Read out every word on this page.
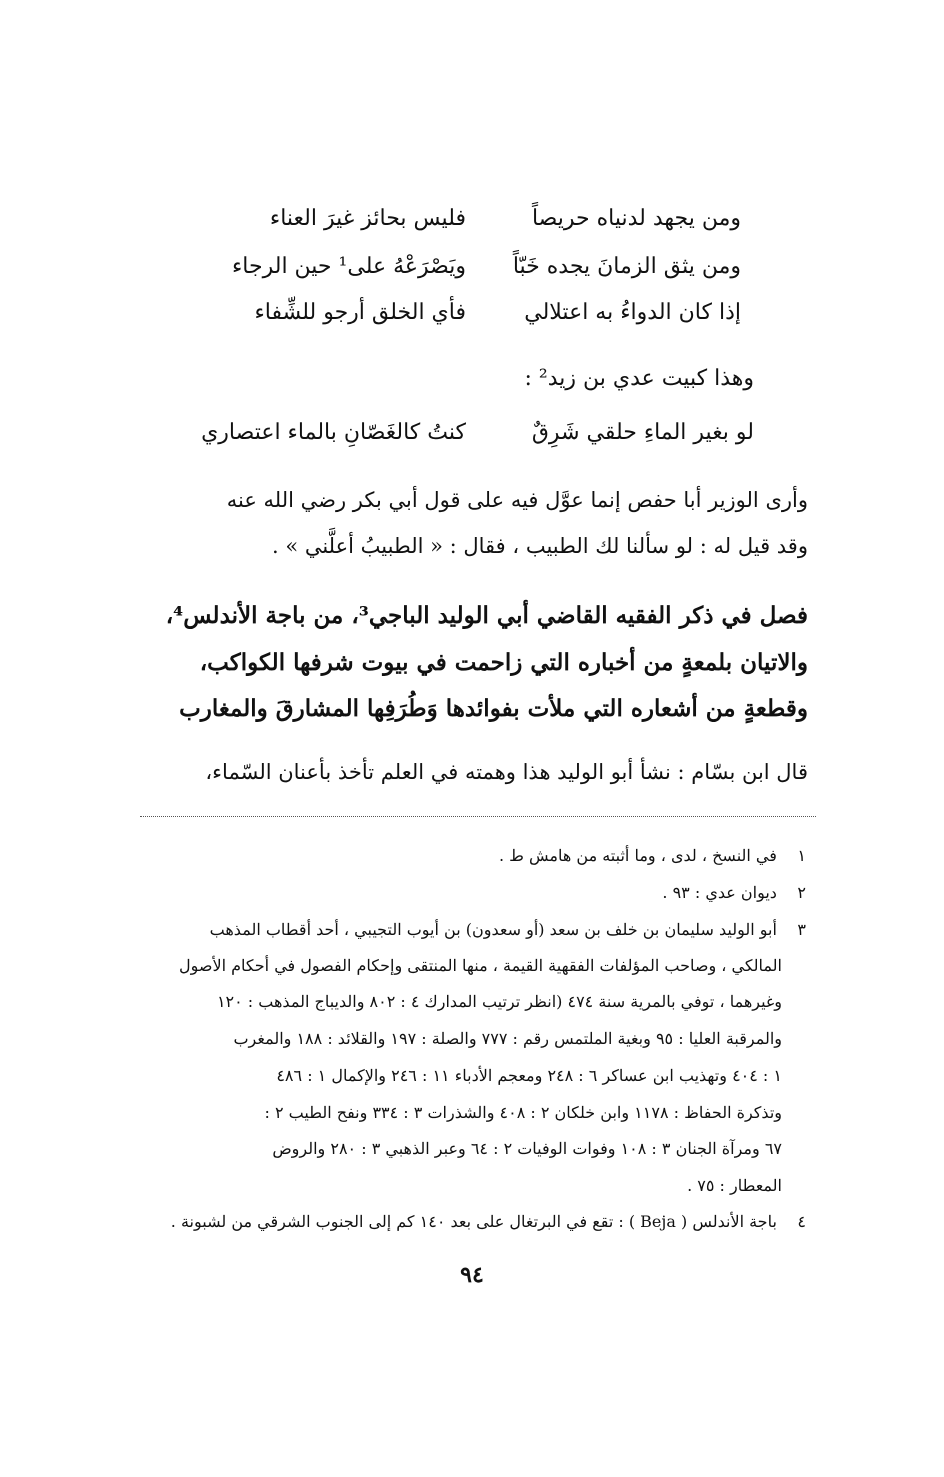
ومن يجهد لدنياه حريصاً
فليس بحائز غيرَ العناء
ومن يثق الزمانَ يجده خَبّاً
ويَصْرَعْهُ على¹ حين الرجاء
إذا كان الدواءُ به اعتلالي
فأي الخلق أرجو للشِّفاء
وهذا كبيت عدي بن زيد² :
لو بغير الماءِ حلقي شَرِقٌ
كنتُ كالغَصّانِ بالماء اعتصاري
وأرى الوزير أبا حفص إنما عوَّل فيه على قول أبي بكر رضي الله عنه
وقد قيل له : لو سألنا لك الطبيب ، فقال : « الطبيبُ أعلَّني » .
فصل في ذكر الفقيه القاضي أبي الوليد الباجي³، من باجة الأندلس⁴،
والاتيان بلمعةٍ من أخباره التي زاحمت في بيوت شرفها الكواكب،
وقطعةٍ من أشعاره التي ملأت بفوائدها وَطُرَفِها المشارقَ والمغارب
قال ابن بسّام : نشأ أبو الوليد هذا وهمته في العلم تأخذ بأعنان السّماء،
١ في النسخ ، لدى ، وما أثبته من هامش ط .
٢ ديوان عدي : ٩٣ .
٣ أبو الوليد سليمان بن خلف بن سعد (أو سعدون) بن أيوب التجيبي ، أحد أقطاب المذهب
المالكي ، وصاحب المؤلفات الفقهية القيمة ، منها المنتقى وإحكام الفصول في أحكام الأصول
وغيرهما ، توفي بالمرية سنة ٤٧٤ (انظر ترتيب المدارك ٤ : ٨٠٢ والديباج المذهب : ١٢٠
والمرقبة العليا : ٩٥ وبغية الملتمس رقم : ٧٧٧ والصلة : ١٩٧ والقلائد : ١٨٨ والمغرب
١ : ٤٠٤ وتهذيب ابن عساكر ٦ : ٢٤٨ ومعجم الأدباء ١١ : ٢٤٦ والإكمال ١ : ٤٨٦
وتذكرة الحفاظ : ١١٧٨ وابن خلكان ٢ : ٤٠٨ والشذرات ٣ : ٣٣٤ ونفح الطيب ٢ :
٦٧ ومرآة الجنان ٣ : ١٠٨ وفوات الوفيات ٢ : ٦٤ وعبر الذهبي ٣ : ٢٨٠ والروض
المعطار : ٧٥ .
٤ باجة الأندلس ( Beja ) : تقع في البرتغال على بعد ١٤٠ كم إلى الجنوب الشرقي من لشبونة .
٩٤
